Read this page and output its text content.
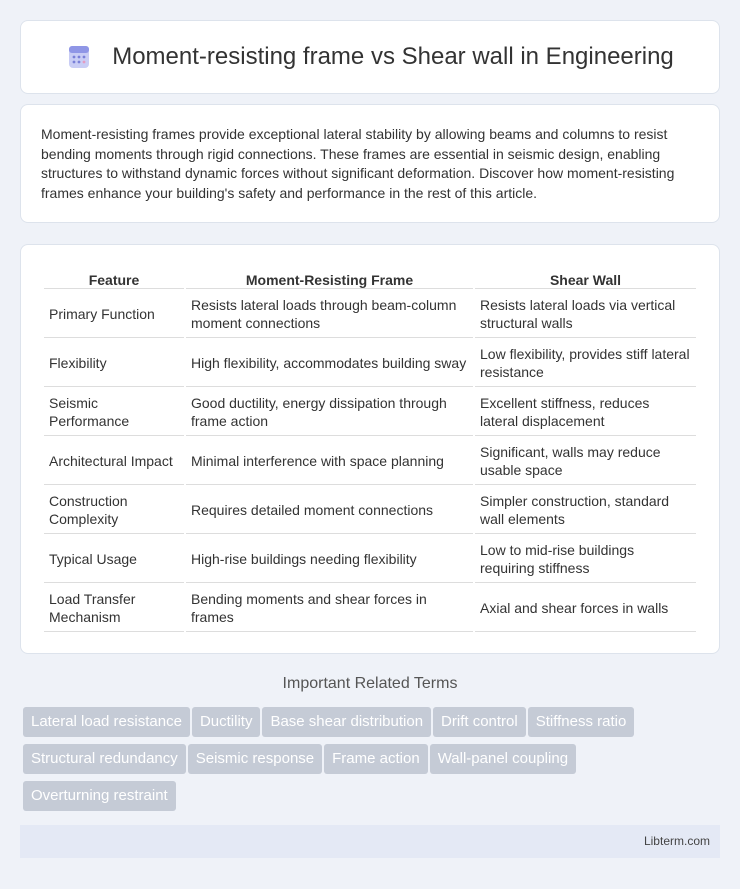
Moment-resisting frame vs Shear wall in Engineering

Moment-resisting frames provide exceptional lateral stability by allowing beams and columns to resist bending moments through rigid connections. These frames are essential in seismic design, enabling structures to withstand dynamic forces without significant deformation. Discover how moment-resisting frames enhance your building's safety and performance in the rest of this article.

Feature	Moment-Resisting Frame	Shear Wall
Primary Function	Resists lateral loads through beam-column moment connections	Resists lateral loads via vertical structural walls
Flexibility	High flexibility, accommodates building sway	Low flexibility, provides stiff lateral resistance
Seismic Performance	Good ductility, energy dissipation through frame action	Excellent stiffness, reduces lateral displacement
Architectural Impact	Minimal interference with space planning	Significant, walls may reduce usable space
Construction Complexity	Requires detailed moment connections	Simpler construction, standard wall elements
Typical Usage	High-rise buildings needing flexibility	Low to mid-rise buildings requiring stiffness
Load Transfer Mechanism	Bending moments and shear forces in frames	Axial and shear forces in walls
Important Related Terms
Lateral load resistance Ductility Base shear distribution Drift control Stiffness ratio
Structural redundancy Seismic response Frame action Wall-panel coupling
Overturning restraint
Libterm.com
